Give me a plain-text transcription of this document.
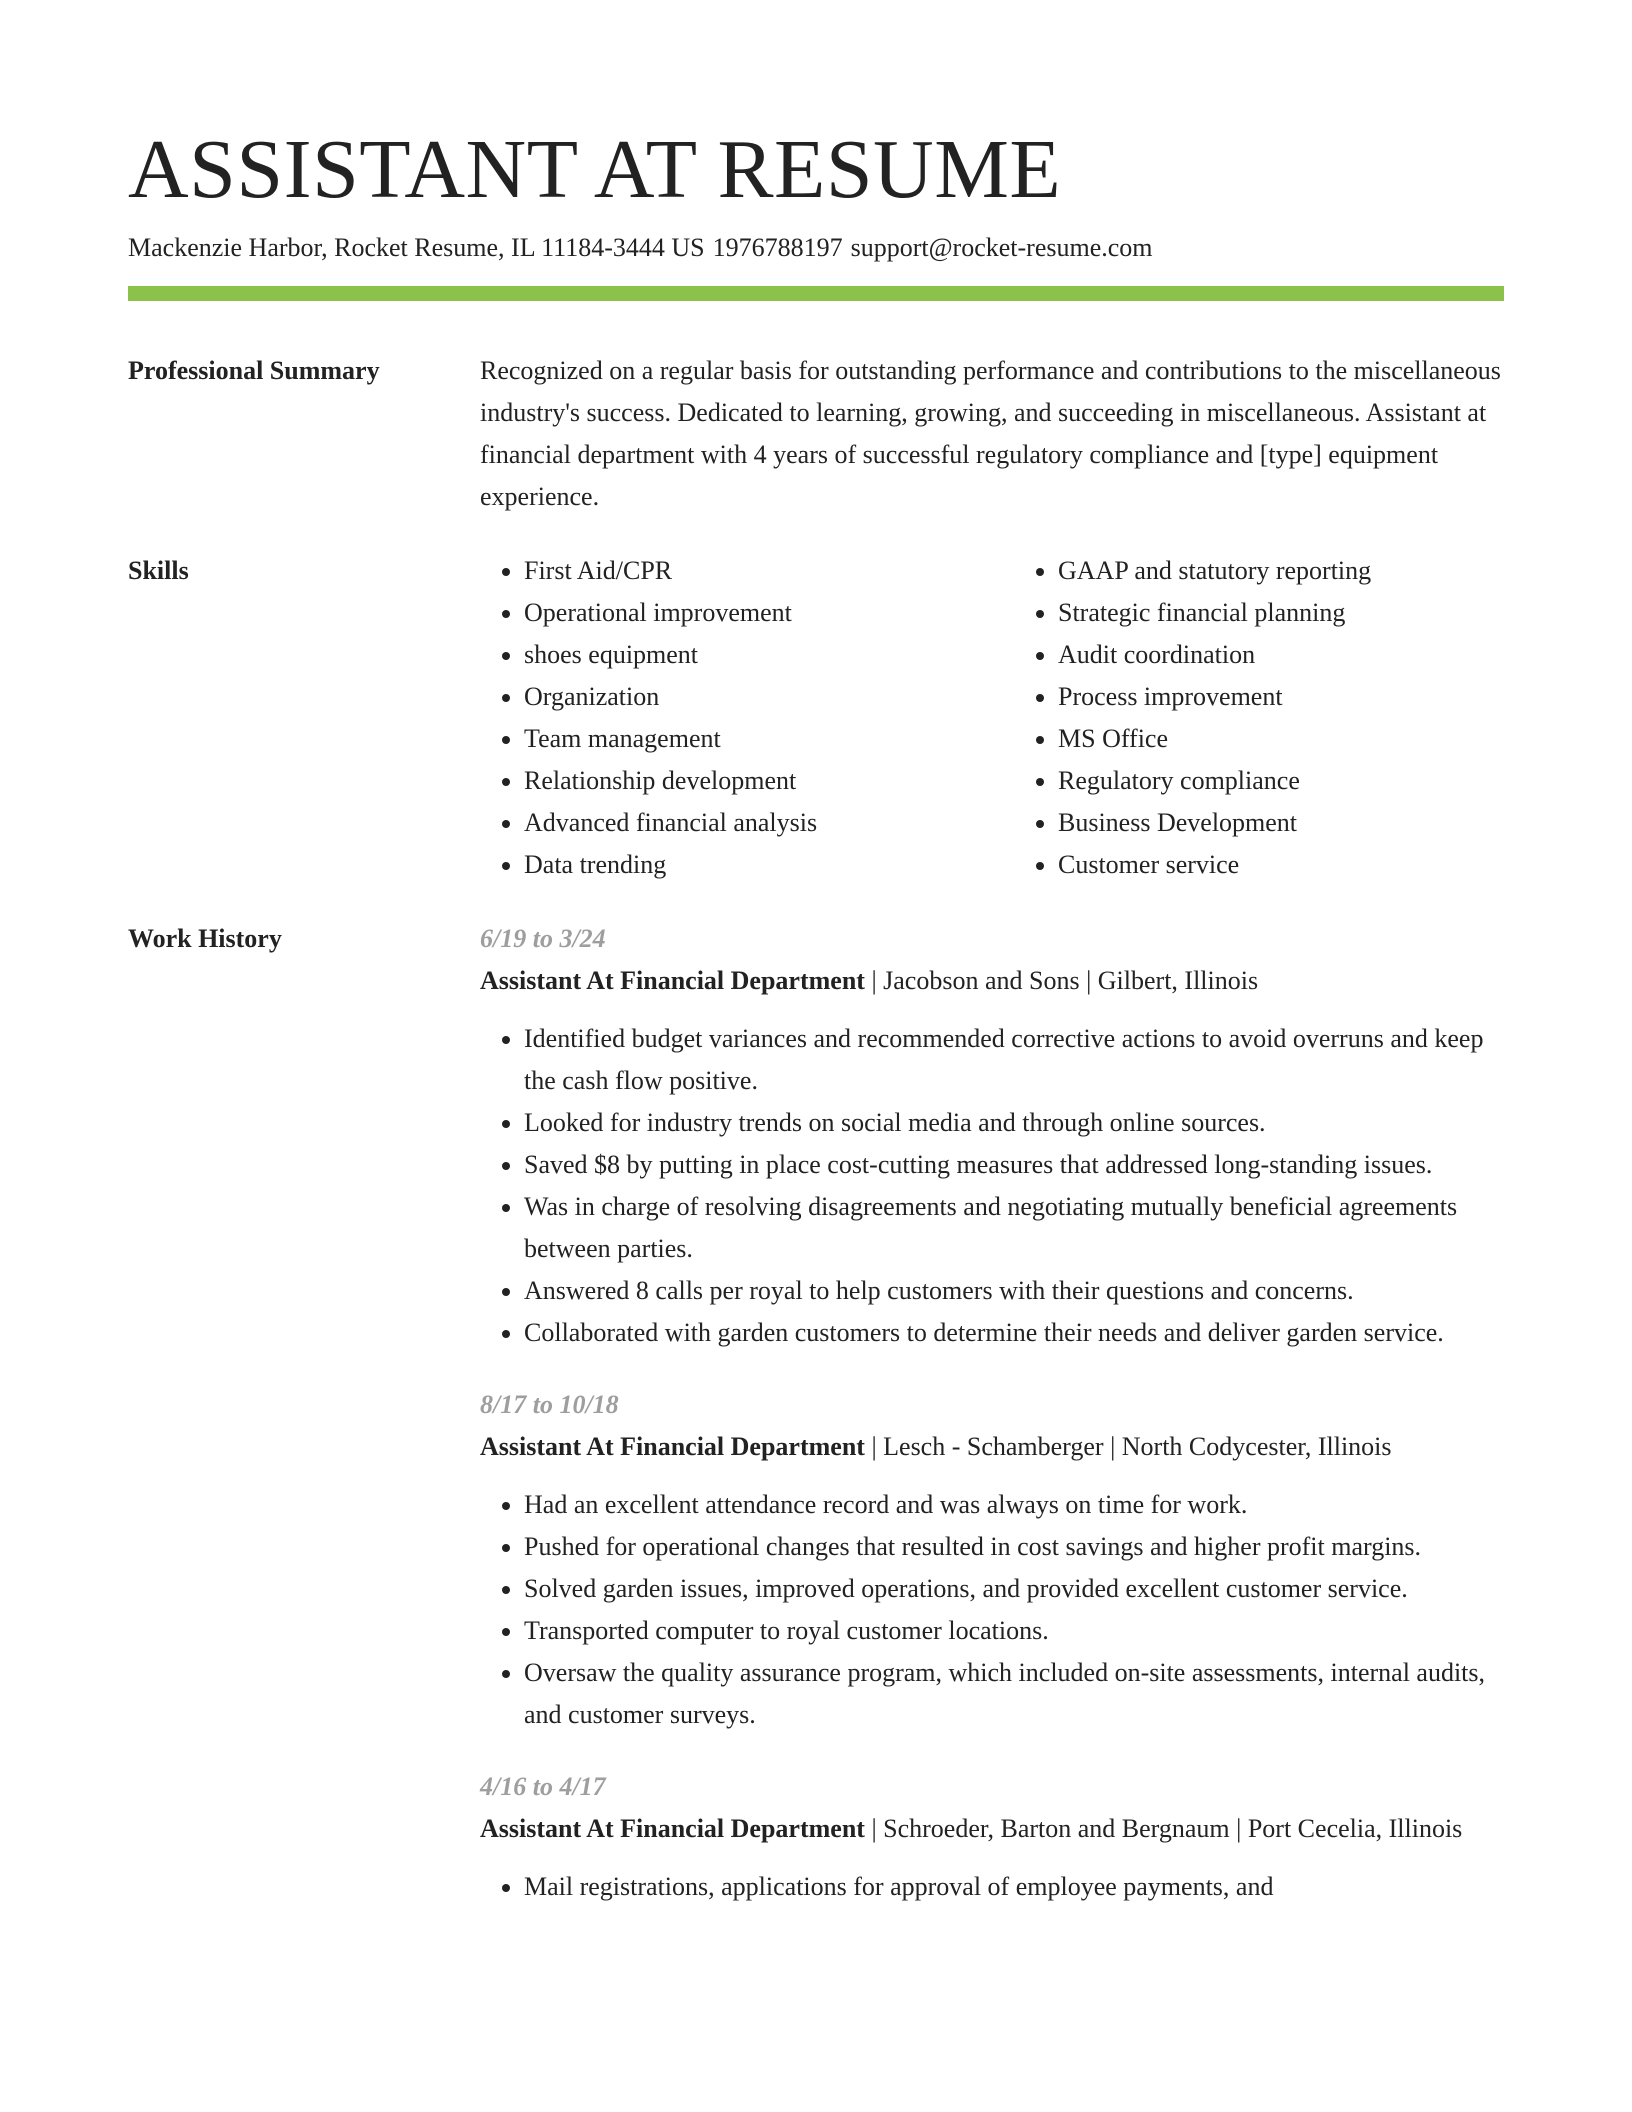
ASSISTANT AT RESUME
Mackenzie Harbor, Rocket Resume, IL 11184-3444 US 1976788197 support@rocket-resume.com
Professional Summary	Recognized on a regular basis for outstanding performance and contributions to the miscellaneous industry's success. Dedicated to learning, growing, and succeeding in miscellaneous. Assistant at financial department with 4 years of successful regulatory compliance and [type] equipment experience.

Skills
•	First Aid/CPR
• Operational improvement
• shoes equipment
• Organization
• Team management
• Relationship development
• Advanced financial analysis
• Data trending
• GAAP and statutory reporting
• Strategic financial planning
• Audit coordination
• Process improvement
• MS Office
• Regulatory compliance
• Business Development
• Customer service
Work History	6/19 to 3/24
Assistant At Financial Department | Jacobson and Sons | Gilbert, Illinois
• Identified budget variances and recommended corrective actions to avoid overruns and keep the cash flow positive.
• Looked for industry trends on social media and through online sources.
• Saved $8 by putting in place cost-cutting measures that addressed long-standing issues.
• Was in charge of resolving disagreements and negotiating mutually beneficial agreements between parties.
• Answered 8 calls per royal to help customers with their questions and concerns.
• Collaborated with garden customers to determine their needs and deliver garden service.
8/17 to 10/18
Assistant At Financial Department | Lesch - Schamberger | North Codycester, Illinois
• Had an excellent attendance record and was always on time for work.
• Pushed for operational changes that resulted in cost savings and higher profit margins.
• Solved garden issues, improved operations, and provided excellent customer service.
• Transported computer to royal customer locations.
• Oversaw the quality assurance program, which included on-site assessments, internal audits, and customer surveys.
4/16 to 4/17
Assistant At Financial Department | Schroeder, Barton and Bergnaum | Port Cecelia, Illinois
• Mail registrations, applications for approval of employee payments, and
